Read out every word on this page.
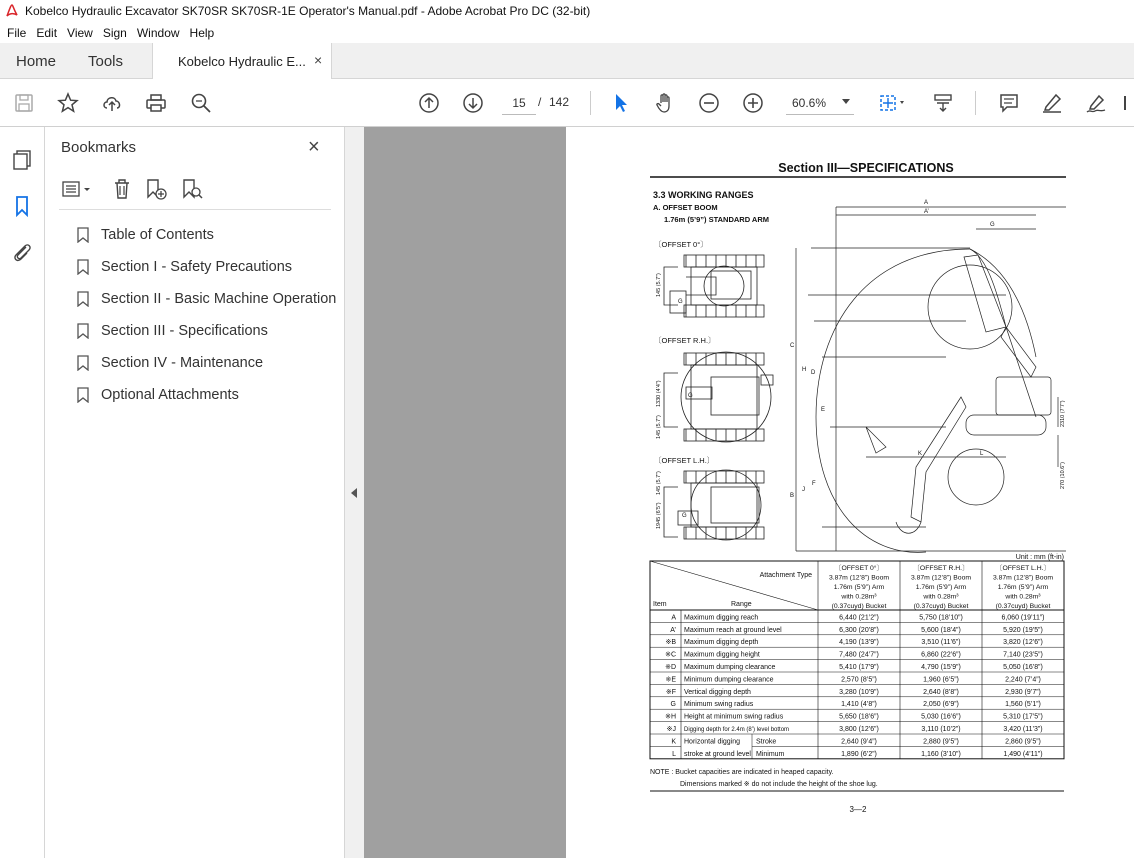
Kobelco Hydraulic Excavator SK70SR SK70SR-1E Operator's Manual.pdf - Adobe Acrobat Pro DC (32-bit)
File Edit View Sign Window Help
Home Tools	Kobelco Hydraulic E... ×
15	/ 142	60.6%
Bookmarks	×
Table of Contents
Section I - Safety Precautions
Section II - Basic Machine Operation
Section III - Specifications
Section IV - Maintenance
Optional Attachments
Section III—SPECIFICATIONS
3.3 WORKING RANGES
A. OFFSET BOOM
1.76m (5’9”) STANDARD ARM
〔OFFSET 0°〕
〔OFFSET R.H.〕
〔OFFSET L.H.〕
145 (5.7”)
G
1330 (4’4”)
145 (5.7”)
G
1945 (6’5”)
145 (5.7”)
G
A
A’
G
C
H D
E
B
J
F
K	L
2310 (7’7”)
270 (10.6”)
Unit : mm (ft-in)
Attachment Type
Range
Item
〔OFFSET 0°〕
3.87m (12’8”) Boom
1.76m (5’9”) Arm
with 0.28m³
(0.37cuyd) Bucket
〔OFFSET R.H.〕
3.87m (12’8”) Boom
1.76m (5’9”) Arm
with 0.28m³
(0.37cuyd) Bucket
〔OFFSET L.H.〕
3.87m (12’8”) Boom
1.76m (5’9”) Arm
with 0.28m³
(0.37cuyd) Bucket
A Maximum digging reach	6,440 (21’2”)	5,750 (18’10”)	6,060 (19’11”)
A’ Maximum reach at ground level	6,300 (20’8”)	5,600 (18’4”)	5,920 (19’5”)
※B Maximum digging depth	4,190 (13’9”)	3,510 (11’6”)	3,820 (12’6”)
※C Maximum digging height	7,480 (24’7”)	6,860 (22’6”)	7,140 (23’5”)
※D Maximum dumping clearance	5,410 (17’9”)	4,790 (15’9”)	5,050 (16’8”)
※E Minimum dumping clearance	2,570 (8’5”)	1,960 (6’5”)	2,240 (7’4”)
※F Vertical digging depth	3,280 (10’9”)	2,640 (8’8”)	2,930 (9’7”)
G Minimum swing radius	1,410 (4’8”)	2,050 (6’9”)	1,560 (5’1”)
※H Height at minimum swing radius	5,650 (18’6”)	5,030 (16’6”)	5,310 (17’5”)
※J Digging depth for 2.4m (8’) level bottom	3,800 (12’6”)	3,110 (10’2”)	3,420 (11’3”)
K Horizontal digging Stroke	2,640 (9’4”)	2,880 (9’5”)	2,860 (9’5”)
L stroke at ground level Minimum	1,890 (6’2”)	1,160 (3’10”)	1,490 (4’11”)
NOTE : Bucket capacities are indicated in heaped capacity.
Dimensions marked ※ do not include the height of the shoe lug.
3—2
